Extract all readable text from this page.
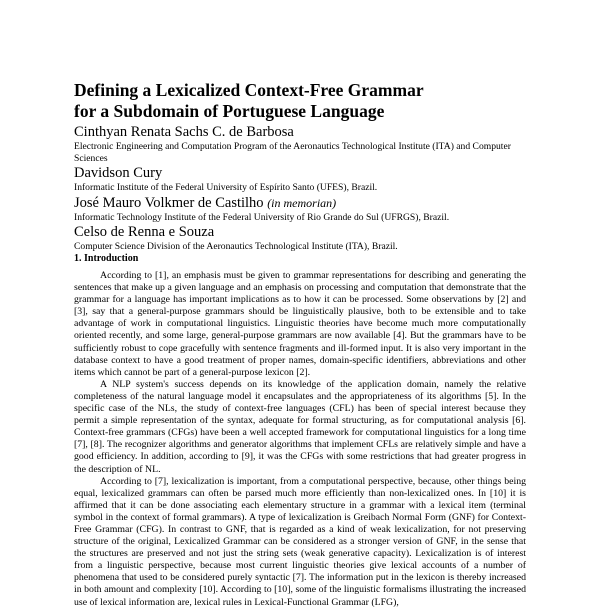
Defining a Lexicalized Context-Free Grammar
for a Subdomain of Portuguese Language

Cinthyan Renata Sachs C. de Barbosa

Electronic Engineering and Computation Program of the Aeronautics Technological Institute (ITA) and Computer Sciences

Davidson Cury

Informatic Institute of the Federal University of Espírito Santo (UFES), Brazil.

José Mauro Volkmer de Castilho (in memorian)

Informatic Technology Institute of the Federal University of Rio Grande do Sul (UFRGS), Brazil.

Celso de Renna e Souza

Computer Science Division of the Aeronautics Technological Institute (ITA), Brazil.

1. Introduction

According to [1], an emphasis must be given to grammar representations for describing and generating the sentences that make up a given language and an emphasis on processing and computation that demonstrate that the grammar for a language has important implications as to how it can be processed. Some observations by [2] and [3], say that a general-purpose grammars should be linguistically plausive, both to be extensible and to take advantage of work in computational linguistics. Linguistic theories have become much more computationally oriented recently, and some large, general-purpose grammars are now available [4]. But the grammars have to be sufficiently robust to cope gracefully with sentence fragments and ill-formed input. It is also very important in the database context to have a good treatment of proper names, domain-specific identifiers, abbreviations and other items which cannot be part of a general-purpose lexicon [2].

A NLP system's success depends on its knowledge of the application domain, namely the relative completeness of the natural language model it encapsulates and the appropriateness of its algorithms [5]. In the specific case of the NLs, the study of context-free languages (CFL) has been of special interest because they permit a simple representation of the syntax, adequate for formal structuring, as for computational analysis [6]. Context-free grammars (CFGs) have been a well accepted framework for computational linguistics for a long time [7], [8]. The recognizer algorithms and generator algorithms that implement CFLs are relatively simple and have a good efficiency. In addition, according to [9], it was the CFGs with some restrictions that had greater progress in the description of NL.

According to [7], lexicalization is important, from a computational perspective, because, other things being equal, lexicalized grammars can often be parsed much more efficiently than non-lexicalized ones. In [10] it is affirmed that it can be done associating each elementary structure in a grammar with a lexical item (terminal symbol in the context of formal grammars). A type of lexicalization is Greibach Normal Form (GNF) for Context-Free Grammar (CFG). In contrast to GNF, that is regarded as a kind of weak lexicalization, for not preserving structure of the original, Lexicalized Grammar can be considered as a stronger version of GNF, in the sense that the structures are preserved and not just the string sets (weak generative capacity). Lexicalization is of interest from a linguistic perspective, because most current linguistic theories give lexical accounts of a number of phenomena that used to be considered purely syntactic [7]. The information put in the lexicon is thereby increased in both amount and complexity [10]. According to [10], some of the linguistic formalisms illustrating the increased use of lexical information are, lexical rules in Lexical-Functional Grammar (LFG),
